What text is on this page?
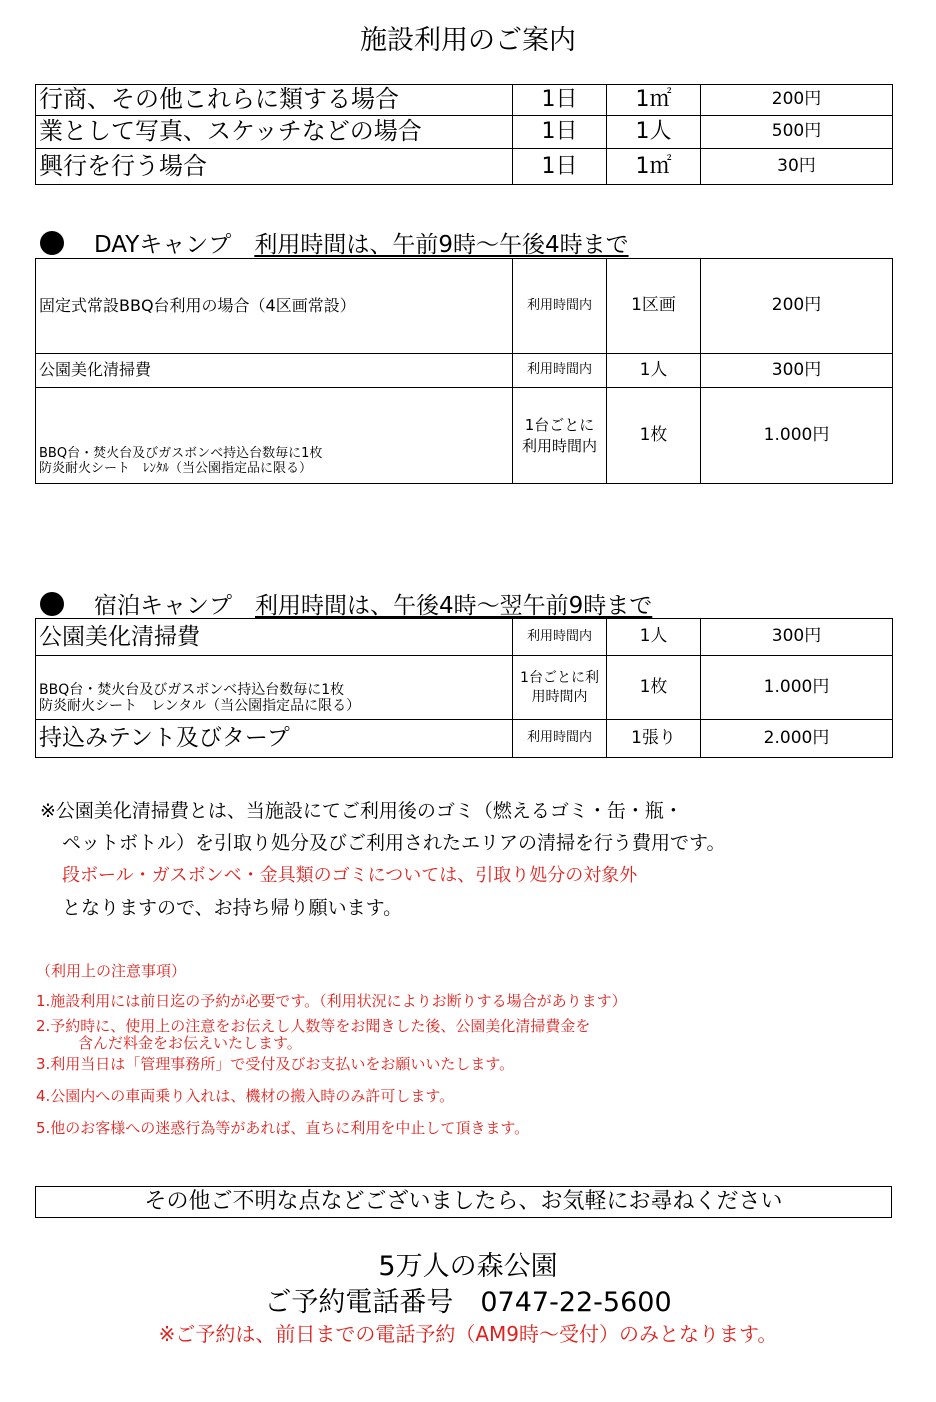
施設利用のご案内
行商、その他これらに類する場合	1日	1㎡	200円
業として写真、スケッチなどの場合	1日	1人	500円
興行を行う場合	1日	1㎡	30円
DAYキャンプ　 利用時間は、午前9時～午後4時まで
固定式常設BBQ台利用の場合（4区画常設）	利用時間内	1区画	200円
公園美化清掃費	利用時間内	1人	300円

BBQ台・焚火台及びガスボンベ持込台数毎に1枚
防炎耐火シート　ﾚﾝﾀﾙ（当公園指定品に限る）	1台ごとに利用時間内	1枚	1.000円
宿泊キャンプ　 利用時間は、午後4時～翌午前9時まで
公園美化清掃費	利用時間内	1人	300円

BBQ台・焚火台及びガスボンベ持込台数毎に1枚
防炎耐火シート　レンタル（当公園指定品に限る）	1台ごとに利用時間内	1枚	1.000円
持込みテント及びタープ	利用時間内	1張り	2.000円
※公園美化清掃費とは、当施設にてご利用後のゴミ（燃えるゴミ・缶・瓶・
ペットボトル）を引取り処分及びご利用されたエリアの清掃を行う費用です。
段ボール・ガスボンベ・金具類のゴミについては、引取り処分の対象外
となりますので、お持ち帰り願います。
（利用上の注意事項）
1.施設利用には前日迄の予約が必要です。（利用状況によりお断りする場合があります）
2.予約時に、使用上の注意をお伝えし人数等をお聞きした後、公園美化清掃費金を
含んだ料金をお伝えいたします。
3.利用当日は「管理事務所」で受付及びお支払いをお願いいたします。
4.公園内への車両乗り入れは、機材の搬入時のみ許可します。
5.他のお客様への迷惑行為等があれば、直ちに利用を中止して頂きます。
その他ご不明な点などございましたら、お気軽にお尋ねください
5万人の森公園
ご予約電話番号　 0747-22-5600
※ご予約は、前日までの電話予約（AM9時～受付）のみとなります。
